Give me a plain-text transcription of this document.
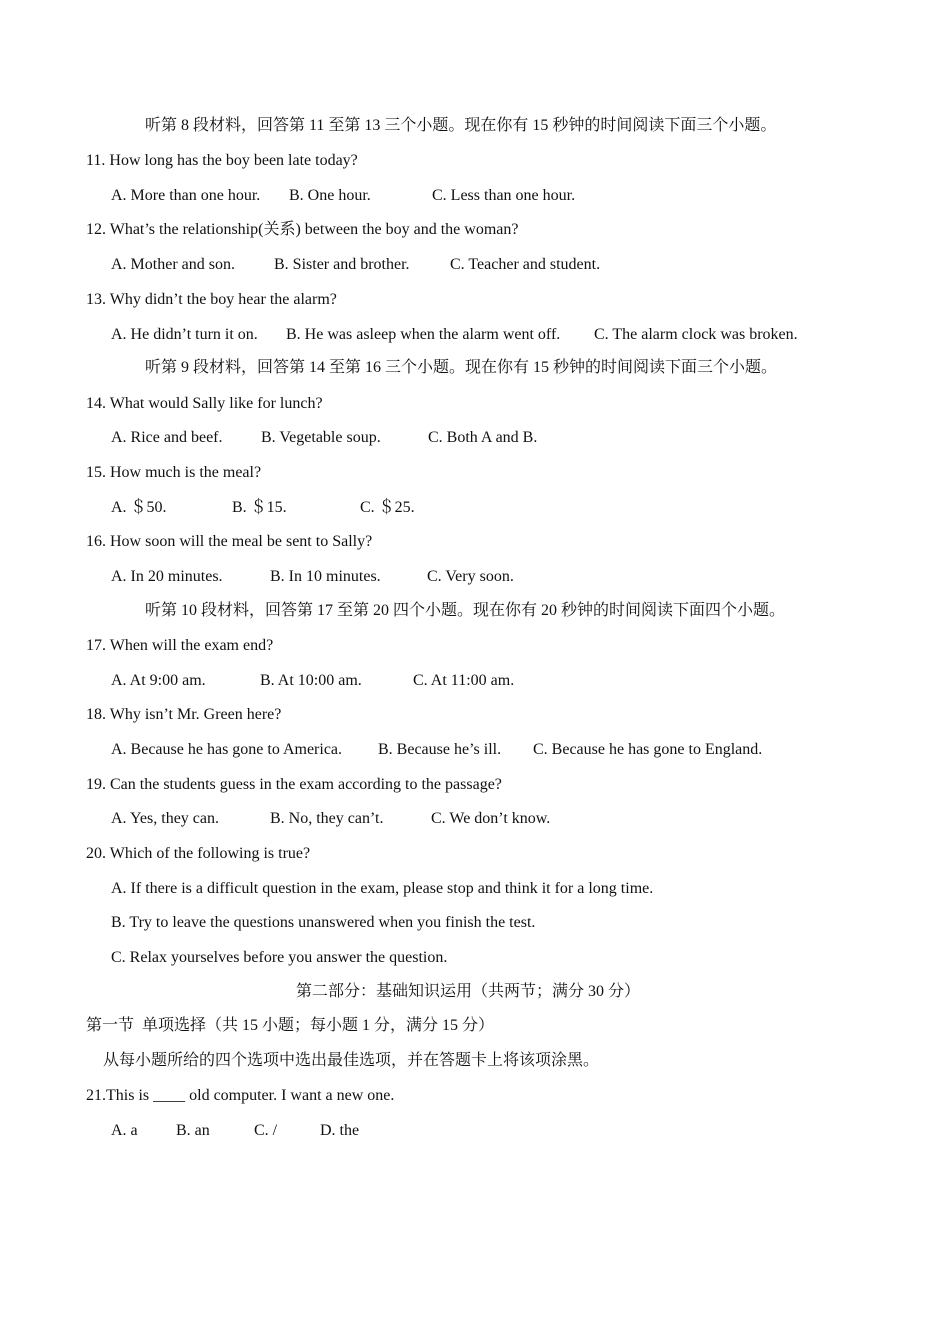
听第 8 段材料，回答第 11 至第 13 三个小题。现在你有 15 秒钟的时间阅读下面三个小题。
11. How long has the boy been late today?
A. More than one hour. B. One hour.	C. Less than one hour.
12. What’s the relationship(关系) between the boy and the woman?
A. Mother and son. B. Sister and brother.	C. Teacher and student.
13. Why didn’t the boy hear the alarm?
A. He didn’t turn it on. B. He was asleep when the alarm went off. C. The alarm clock was broken.
听第 9 段材料，回答第 14 至第 16 三个小题。现在你有 15 秒钟的时间阅读下面三个小题。
14. What would Sally like for lunch?
A. Rice and beef. B. Vegetable soup.	C. Both A and B.
15. How much is the meal?
A. ＄50.	B. ＄15.	C. ＄25.
16. How soon will the meal be sent to Sally?
A. In 20 minutes.	B. In 10 minutes.	C. Very soon.
听第 10 段材料，回答第 17 至第 20 四个小题。现在你有 20 秒钟的时间阅读下面四个小题。
17. When will the exam end?
A. At 9:00 am.	B. At 10:00 am.	C. At 11:00 am.
18. Why isn’t Mr. Green here?
A. Because he has gone to America. B. Because he’s ill. C. Because he has gone to England.
19. Can the students guess in the exam according to the passage?
A. Yes, they can.	B. No, they can’t.	C. We don’t know.
20. Which of the following is true?
A. If there is a difficult question in the exam, please stop and think it for a long time.
B. Try to leave the questions unanswered when you finish the test.
C. Relax yourselves before you answer the question.
第二部分：基础知识运用（共两节；满分 30 分）
第一节  单项选择（共 15 小题；每小题 1 分，满分 15 分）
从每小题所给的四个选项中选出最佳选项，并在答题卡上将该项涂黑。
21.This is ____ old computer. I want a new one.
A. a B. an	C. /	D. the
